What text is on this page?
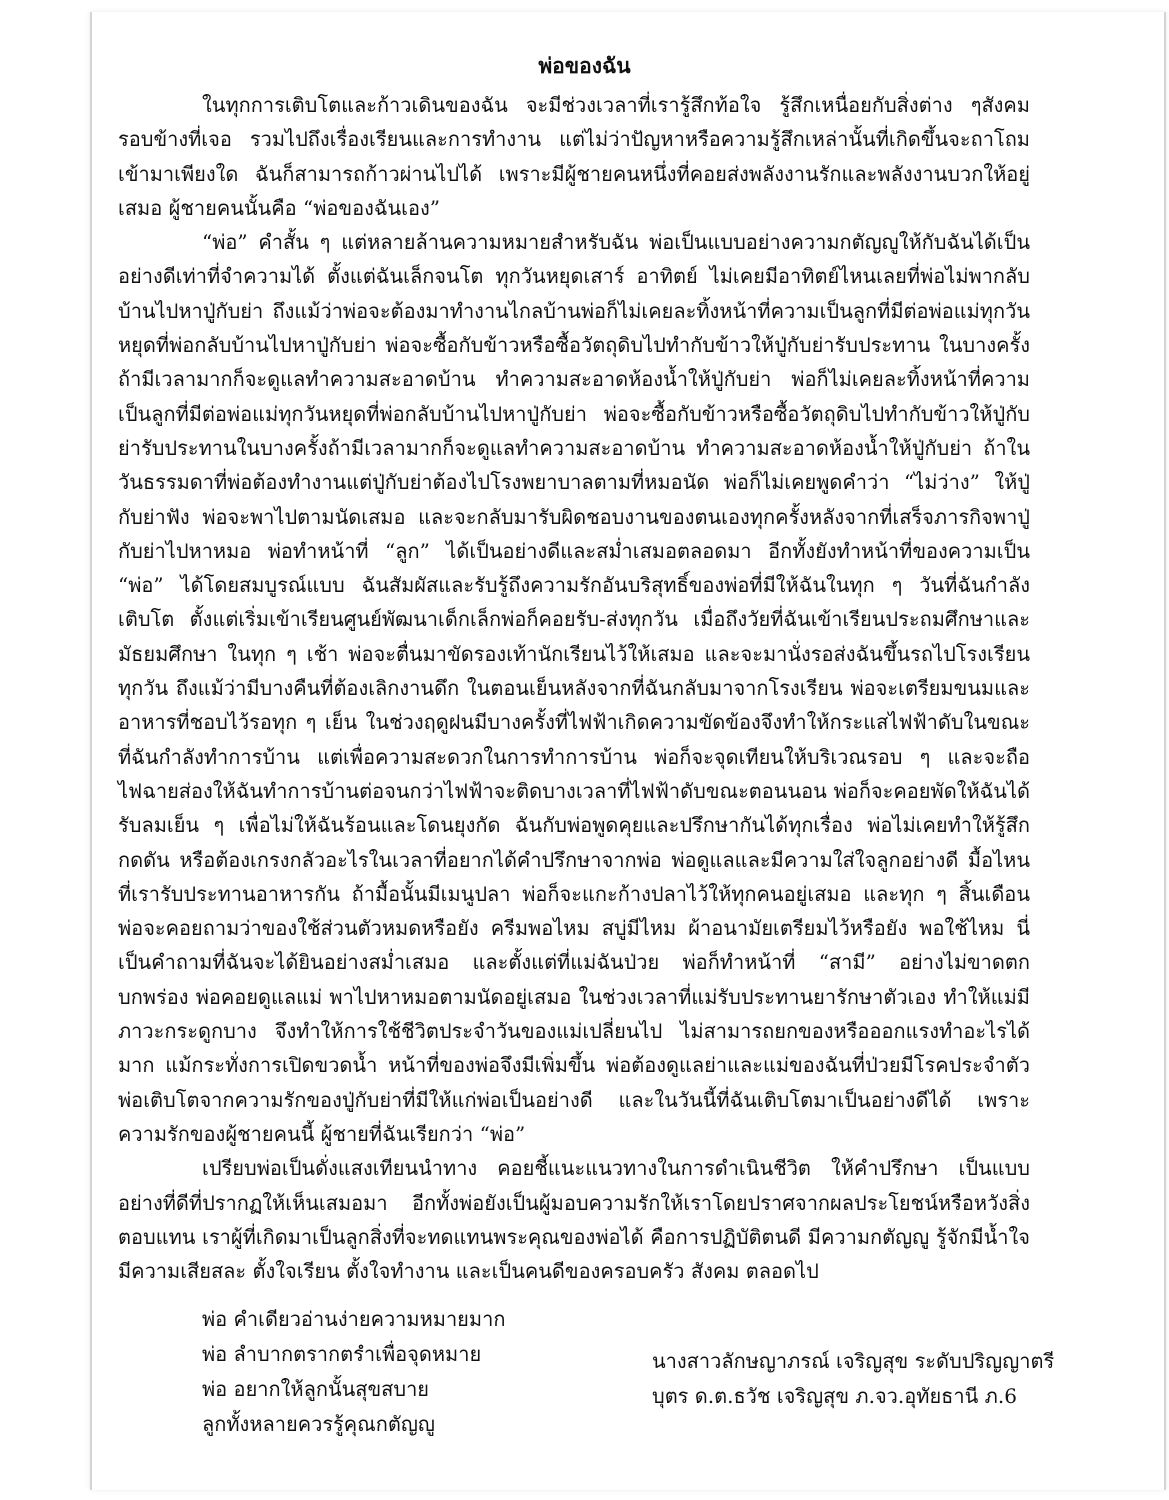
พ่อของฉัน

ในทุกการเติบโตและก้าวเดินของฉัน จะมีช่วงเวลาที่เรารู้สึกท้อใจ รู้สึกเหนื่อยกับสิ่งต่าง ๆสังคมรอบข้างที่เจอ รวมไปถึงเรื่องเรียนและการทำงาน แต่ไม่ว่าปัญหาหรือความรู้สึกเหล่านั้นที่เกิดขึ้นจะถาโถมเข้ามาเพียงใด ฉันก็สามารถก้าวผ่านไปได้ เพราะมีผู้ชายคนหนึ่งที่คอยส่งพลังงานรักและพลังงานบวกให้อยู่เสมอ ผู้ชายคนนั้นคือ “พ่อของฉันเอง”

“พ่อ” คำสั้น ๆ แต่หลายล้านความหมายสำหรับฉัน พ่อเป็นแบบอย่างความกตัญญูให้กับฉันได้เป็นอย่างดีเท่าที่จำความได้ ตั้งแต่ฉันเล็กจนโต ทุกวันหยุดเสาร์ อาทิตย์ ไม่เคยมีอาทิตย์ไหนเลยที่พ่อไม่พากลับบ้านไปหาปู่กับย่า ถึงแม้ว่าพ่อจะต้องมาทำงานไกลบ้านพ่อก็ไม่เคยละทิ้งหน้าที่ความเป็นลูกที่มีต่อพ่อแม่ทุกวันหยุดที่พ่อกลับบ้านไปหาปู่กับย่า พ่อจะซื้อกับข้าวหรือซื้อวัตถุดิบไปทำกับข้าวให้ปู่กับย่ารับประทาน ในบางครั้งถ้ามีเวลามากก็จะดูแลทำความสะอาดบ้าน ทำความสะอาดห้องน้ำให้ปู่กับย่า พ่อก็ไม่เคยละทิ้งหน้าที่ความ เป็นลูกที่มีต่อพ่อแม่ทุกวันหยุดที่พ่อกลับบ้านไปหาปู่กับย่า พ่อจะซื้อกับข้าวหรือซื้อวัตถุดิบไปทำกับข้าวให้ปู่กับย่ารับประทานในบางครั้งถ้ามีเวลามากก็จะดูแลทำความสะอาดบ้าน ทำความสะอาดห้องน้ำให้ปู่กับย่า ถ้าในวันธรรมดาที่พ่อต้องทำงานแต่ปู่กับย่าต้องไปโรงพยาบาลตามที่หมอนัด พ่อก็ไม่เคยพูดคำว่า “ไม่ว่าง” ให้ปู่กับย่าฟัง พ่อจะพาไปตามนัดเสมอ และจะกลับมารับผิดชอบงานของตนเองทุกครั้งหลังจากที่เสร็จภารกิจพาปู่กับย่าไปหาหมอ พ่อทำหน้าที่ “ลูก” ได้เป็นอย่างดีและสม่ำเสมอตลอดมา อีกทั้งยังทำหน้าที่ของความเป็น “พ่อ” ได้โดยสมบูรณ์แบบ ฉันสัมผัสและรับรู้ถึงความรักอันบริสุทธิ์ของพ่อที่มีให้ฉันในทุก ๆ วันที่ฉันกำลังเติบโต ตั้งแต่เริ่มเข้าเรียนศูนย์พัฒนาเด็กเล็กพ่อก็คอยรับ-ส่งทุกวัน เมื่อถึงวัยที่ฉันเข้าเรียนประถมศึกษาและมัธยมศึกษา ในทุก ๆ เช้า พ่อจะตื่นมาขัดรองเท้านักเรียนไว้ให้เสมอ และจะมานั่งรอส่งฉันขึ้นรถไปโรงเรียนทุกวัน ถึงแม้ว่ามีบางคืนที่ต้องเลิกงานดึก ในตอนเย็นหลังจากที่ฉันกลับมาจากโรงเรียน พ่อจะเตรียมขนมและอาหารที่ชอบไว้รอทุก ๆ เย็น ในช่วงฤดูฝนมีบางครั้งที่ไฟฟ้าเกิดความขัดข้องจึงทำให้กระแสไฟฟ้าดับในขณะที่ฉันกำลังทำการบ้าน แต่เพื่อความสะดวกในการทำการบ้าน พ่อก็จะจุดเทียนให้บริเวณรอบ ๆ และจะถือไฟฉายส่องให้ฉันทำการบ้านต่อจนกว่าไฟฟ้าจะติดบางเวลาที่ไฟฟ้าดับขณะตอนนอน พ่อก็จะคอยพัดให้ฉันได้รับลมเย็น ๆ เพื่อไม่ให้ฉันร้อนและโดนยุงกัด ฉันกับพ่อพูดคุยและปรึกษากันได้ทุกเรื่อง พ่อไม่เคยทำให้รู้สึกกดดัน หรือต้องเกรงกลัวอะไรในเวลาที่อยากได้คำปรึกษาจากพ่อ พ่อดูแลและมีความใส่ใจลูกอย่างดี มื้อไหนที่เรารับประทานอาหารกัน ถ้ามื้อนั้นมีเมนูปลา พ่อก็จะแกะก้างปลาไว้ให้ทุกคนอยู่เสมอ และทุก ๆ สิ้นเดือน พ่อจะคอยถามว่าของใช้ส่วนตัวหมดหรือยัง ครีมพอไหม สบู่มีไหม ผ้าอนามัยเตรียมไว้หรือยัง พอใช้ไหม นี่เป็นคำถามที่ฉันจะได้ยินอย่างสม่ำเสมอ และตั้งแต่ที่แม่ฉันป่วย พ่อก็ทำหน้าที่ “สามี” อย่างไม่ขาดตกบกพร่อง พ่อคอยดูแลแม่ พาไปหาหมอตามนัดอยู่เสมอ ในช่วงเวลาที่แม่รับประทานยารักษาตัวเอง ทำให้แม่มีภาวะกระดูกบาง จึงทำให้การใช้ชีวิตประจำวันของแม่เปลี่ยนไป ไม่สามารถยกของหรือออกแรงทำอะไรได้มาก แม้กระทั่งการเปิดขวดน้ำ หน้าที่ของพ่อจึงมีเพิ่มขึ้น พ่อต้องดูแลย่าและแม่ของฉันที่ป่วยมีโรคประจำตัว พ่อเติบโตจากความรักของปู่กับย่าที่มีให้แก่พ่อเป็นอย่างดี และในวันนี้ที่ฉันเติบโตมาเป็นอย่างดีได้ เพราะความรักของผู้ชายคนนี้ ผู้ชายที่ฉันเรียกว่า “พ่อ”

เปรียบพ่อเป็นดั่งแสงเทียนนำทาง คอยชี้แนะแนวทางในการดำเนินชีวิต ให้คำปรึกษา เป็นแบบอย่างที่ดีที่ปรากฏให้เห็นเสมอมา อีกทั้งพ่อยังเป็นผู้มอบความรักให้เราโดยปราศจากผลประโยชน์หรือหวังสิ่งตอบแทน เราผู้ที่เกิดมาเป็นลูกสิ่งที่จะทดแทนพระคุณของพ่อได้ คือการปฏิบัติตนดี มีความกตัญญู รู้จักมีน้ำใจ มีความเสียสละ ตั้งใจเรียน ตั้งใจทำงาน และเป็นคนดีของครอบครัว สังคม ตลอดไป

พ่อ คำเดียวอ่านง่ายความหมายมาก

พ่อ ลำบากตรากตรำเพื่อจุดหมาย

พ่อ อยากให้ลูกนั้นสุขสบาย

ลูกทั้งหลายควรรู้คุณกตัญญู

นางสาวลักษญาภรณ์ เจริญสุข ระดับปริญญาตรี

บุตร ด.ต.ธวัช เจริญสุข ภ.จว.อุทัยธานี ภ.6
